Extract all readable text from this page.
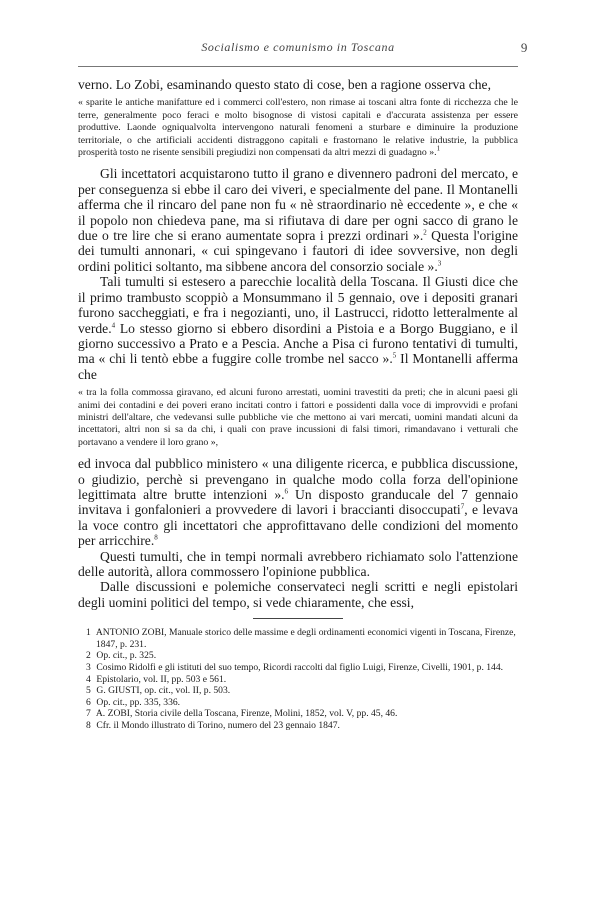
Socialismo e comunismo in Toscana	9

verno. Lo Zobi, esaminando questo stato di cose, ben a ragione osserva che,

« sparite le antiche manifatture ed i commerci coll'estero, non rimase ai toscani altra fonte di ricchezza che le terre, generalmente poco feraci e molto bisognose di vistosi capitali e d'accurata assistenza per essere produttive. Laonde ogniqualvolta intervengono naturali fenomeni a sturbare e diminuire la produzione territoriale, o che artificiali accidenti distraggono capitali e frastornano le relative industrie, la pubblica prosperità tosto ne risente sensibili pregiudizi non compensati da altri mezzi di guadagno ».$^1$

Gli incettatori acquistarono tutto il grano e divennero padroni del mercato, e per conseguenza si ebbe il caro dei viveri, e specialmente del pane. Il Montanelli afferma che il rincaro del pane non fu « nè straordinario nè eccedente », e che « il popolo non chiedeva pane, ma si rifiutava di dare per ogni sacco di grano le due o tre lire che si erano aumentate sopra i prezzi ordinari ».$^2$ Questa l'origine dei tumulti annonari, « cui spingevano i fautori di idee sovversive, non degli ordini politici soltanto, ma sibbene ancora del consorzio sociale ».$^3$

Tali tumulti si estesero a parecchie località della Toscana. Il Giusti dice che il primo trambusto scoppiò a Monsummano il 5 gennaio, ove i depositi granari furono saccheggiati, e fra i negozianti, uno, il Lastrucci, ridotto letteralmente al verde.$^4$ Lo stesso giorno si ebbero disordini a Pistoia e a Borgo Buggiano, e il giorno successivo a Prato e a Pescia. Anche a Pisa ci furono tentativi di tumulti, ma « chi li tentò ebbe a fuggire colle trombe nel sacco ».$^5$ Il Montanelli afferma che

« tra la folla commossa giravano, ed alcuni furono arrestati, uomini travestiti da preti; che in alcuni paesi gli animi dei contadini e dei poveri erano incitati contro i fattori e possidenti dalla voce di improvvidi e profani ministri dell'altare, che vedevansi sulle pubbliche vie che mettono ai vari mercati, uomini mandati alcuni da incettatori, altri non si sa da chi, i quali con prave incussioni di falsi timori, rimandavano i vetturali che portavano a vendere il loro grano »,

ed invoca dal pubblico ministero « una diligente ricerca, e pubblica discussione, o giudizio, perchè si prevengano in qualche modo colla forza dell'opinione legittimata altre brutte intenzioni ».$^6$ Un disposto granducale del 7 gennaio invitava i gonfalonieri a provvedere di lavori i braccianti disoccupati$^7$, e levava la voce contro gli incettatori che approfittavano delle condizioni del momento per arricchire.$^8$

Questi tumulti, che in tempi normali avrebbero richiamato solo l'attenzione delle autorità, allora commossero l'opinione pubblica.

Dalle discussioni e polemiche conservateci negli scritti e negli epistolari degli uomini politici del tempo, si vede chiaramente, che essi,

1 ANTONIO ZOBI, Manuale storico delle massime e degli ordinamenti economici vigenti in Toscana, Firenze, 1847, p. 231.
2 Op. cit., p. 325.
3 Cosimo Ridolfi e gli istituti del suo tempo, Ricordi raccolti dal figlio Luigi, Firenze, Civelli, 1901, p. 144.
4 Epistolario, vol. II, pp. 503 e 561.
5 G. GIUSTI, op. cit., vol. II, p. 503.
6 Op. cit., pp. 335, 336.
7 A. ZOBI, Storia civile della Toscana, Firenze, Molini, 1852, vol. V, pp. 45, 46.
8 Cfr. il Mondo illustrato di Torino, numero del 23 gennaio 1847.
